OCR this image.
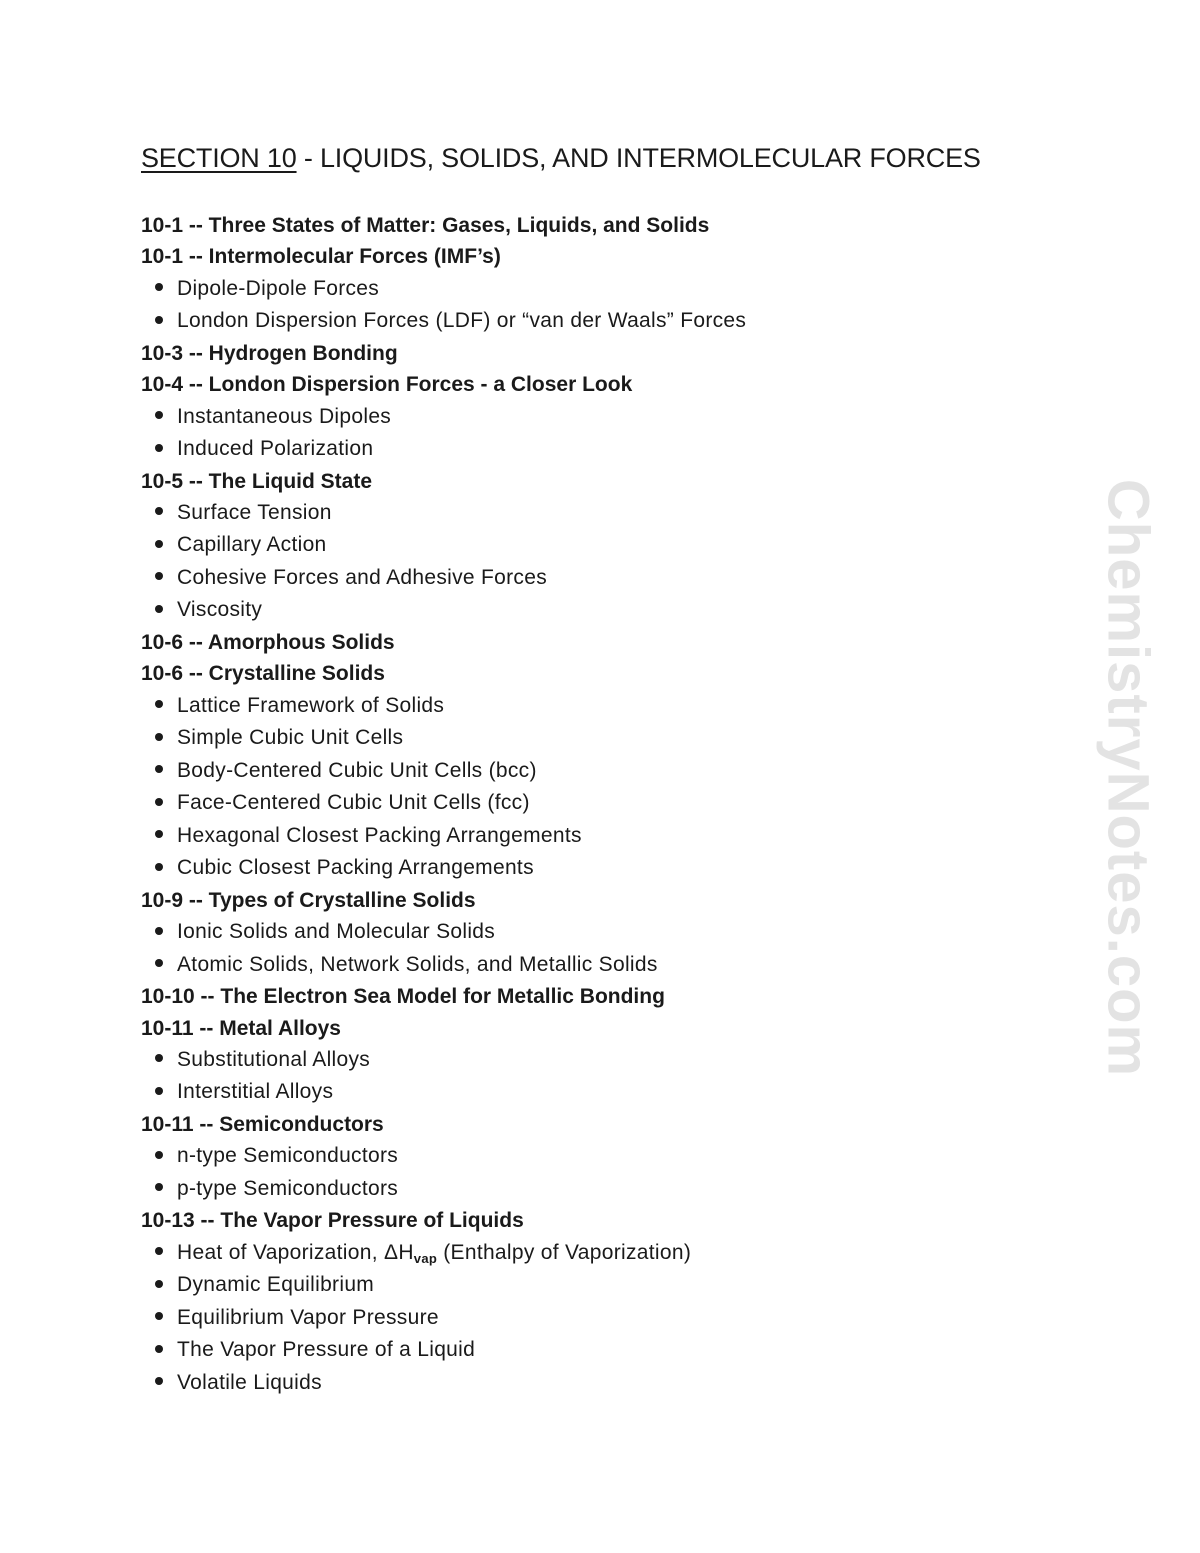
SECTION 10 - LIQUIDS, SOLIDS, AND INTERMOLECULAR FORCES
10-1 -- Three States of Matter: Gases, Liquids, and Solids
10-1 -- Intermolecular Forces (IMF’s)
Dipole-Dipole Forces
London Dispersion Forces (LDF) or “van der Waals” Forces
10-3 -- Hydrogen Bonding
10-4 -- London Dispersion Forces - a Closer Look
Instantaneous Dipoles
Induced Polarization
10-5 -- The Liquid State
Surface Tension
Capillary Action
Cohesive Forces and Adhesive Forces
Viscosity
10-6 -- Amorphous Solids
10-6 -- Crystalline Solids
Lattice Framework of Solids
Simple Cubic Unit Cells
Body-Centered Cubic Unit Cells (bcc)
Face-Centered Cubic Unit Cells (fcc)
Hexagonal Closest Packing Arrangements
Cubic Closest Packing Arrangements
10-9 -- Types of Crystalline Solids
Ionic Solids and Molecular Solids
Atomic Solids, Network Solids, and Metallic Solids
10-10 -- The Electron Sea Model for Metallic Bonding
10-11 -- Metal Alloys
Substitutional Alloys
Interstitial Alloys
10-11 -- Semiconductors
n-type Semiconductors
p-type Semiconductors
10-13 -- The Vapor Pressure of Liquids
Heat of Vaporization, $\Delta H_{vap}$ (Enthalpy of Vaporization)
Dynamic Equilibrium
Equilibrium Vapor Pressure
The Vapor Pressure of a Liquid
Volatile Liquids
ChemistryNotes.com
